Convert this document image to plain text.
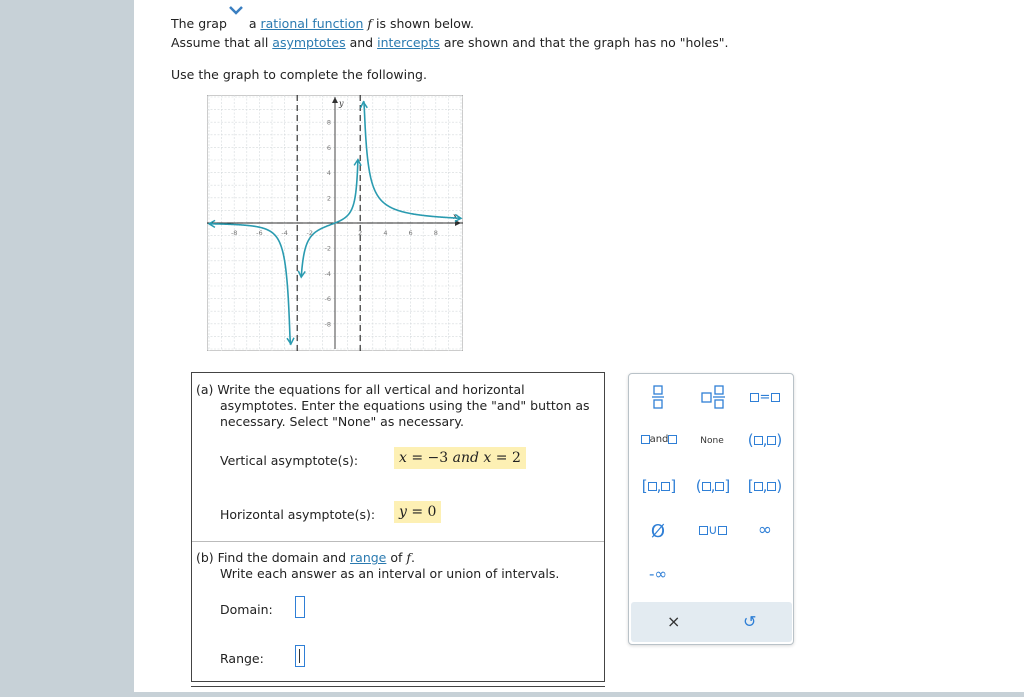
The grap a rational function f is shown below.
Assume that all asymptotes and intercepts are shown and that the graph has no "holes".
Use the graph to complete the following.
x
y
-8	-6	-4	-2	2	4	6	8
8
6
4
2
-2
-4
-6
-8
(a) Write the equations for all vertical and horizontal
asymptotes. Enter the equations using the "and" button as
necessary. Select "None" as necessary.
Vertical asymptote(s):	x = −3 and x = 2
Horizontal asymptote(s):	y = 0
(b) Find the domain and range of f.
Write each answer as an interval or union of intervals.
Domain:
Range:
=
and	None ( , )
[ , ]	( , ]	[ , )
Ø	∪	∞
-∞
×	↺
